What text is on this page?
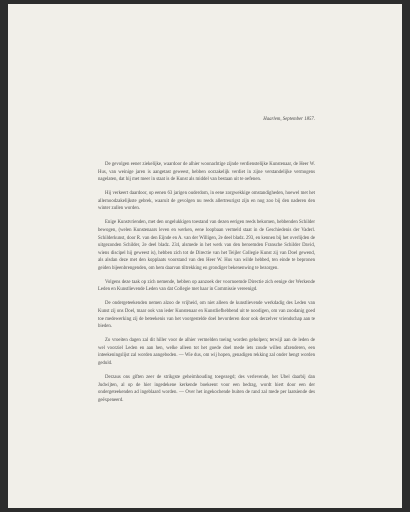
Haarlem, September 1857.

De gevolgen eener ziekelijke, waardoor de alhier woonachtige zijnde verdienstelijke Kunstenaar, de Heer W. Hus, van weinige jaren is aangetast geweest, hebben oorzakelijk verdiet in zijne verstandelijke vermogens nagelaten, dat hij met meer in staat is de Kunst als middel van bestaan uit te oefenen.

Hij verkeert daardoor, op eenen 63 jarigen ouderdom, in eene zorgwekkige omstandigheden, hoewel met het allernoodzakelijkste gebrek, waaruit de gevolgen nu reeds allertreurigst zijn en nog zoo bij den naderen den winter zullen worden.

Enige Kunstvrienden, met den ongelukkigen toestand van dezen eerigen reeds bekomen, hebbenden Schilder bewogen, (welen Kunstenaars leven en werken, eene loopbaan vermeld staat in de Geschiedenis der Vaderl. Schilderkunst, door R. van den Eijnde en A. van der Willigen, 2e deel bladz. 293, en kennen bij het overlijden de uitgezonden Schilder, 2e deel bladz. 234, alsmede in het werk van den beroemden Fransche Schilder David, wiens discipel hij geweest is), hebben zich tot de Directie van het Teijler Collegie Kunst zij van Doel gewend, als alsdan deze met den kopplaats voorstand van den Heer W. Hus van wilde hebbed, ten einde te bepronen geiden bijeenbrengenden, om hem daarvan tiltrekking en grondiger bekenenwing te bezorgen.

Volgens deze taak op zich nemende, hebben op aanzoek der voornoemde Directie zich eenige der Werkende Leden en Kunstlievende Leden van dat Collegie met haar in Commissie vereenigd.

De ondergeteekenden nemen alzoo de vrijheid, om niet alleen de kunstlievende werkdadig des Leden van Kunst zij ons Doel, maar ook van ieder Kunstenaar en Kunstliefhebbend uit te noodigen, om van zoodanig goed toe medewerking zij de beteekenis van het voorgestelde doel bevorderen door ook derzelver vriendschap aan te bieden.

Zo vroeiten dagen zal dit hiller voor de alhier vermelden toeing worden geholpen; terwijl aan de leden de wel voorziel Leden en aan hen, welke alleen tot het goede doel mede iets zoude willen afzenderen, een inteekeningslijst zal worden aangeboden. — Wie dus, om wij hopen, genadigen rekking zal onder hengt worden geduld.

Derzaus ons giften zeer de strikgste geheimhouding toegezegd; des verlevende, het Ubel daarbij dan Judwijten, al op de hier ingedekene kerkende boekeent voor een bedrag, wordt hiert door een der ondergeteekenden ad ingeblaard worden. — Over het ingekochende buiten de rand zal mede per laatsiende des geëxpeneerd.
